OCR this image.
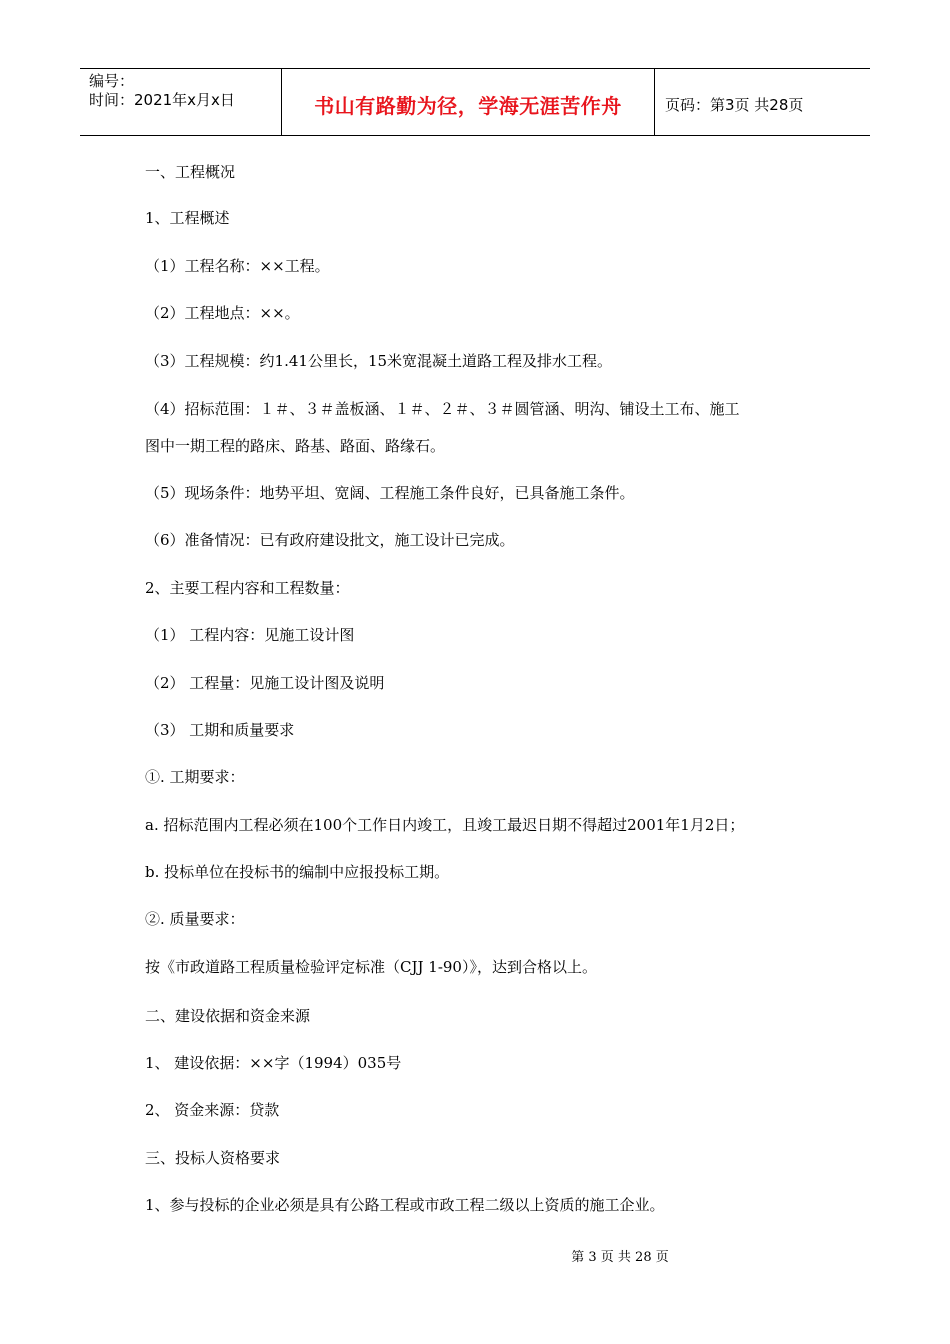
编号：
时间：2021年x月x日	书山有路勤为径，学海无涯苦作舟	页码：第3页 共28页
一、工程概况
1、工程概述
（1）工程名称：××工程。
（2）工程地点：××。
（3）工程规模：约1.41公里长，15米宽混凝土道路工程及排水工程。
（4）招标范围：１＃、３＃盖板涵、１＃、２＃、３＃圆管涵、明沟、铺设土工布、施工
图中一期工程的路床、路基、路面、路缘石。
（5）现场条件：地势平坦、宽阔、工程施工条件良好，已具备施工条件。
（6）准备情况：已有政府建设批文，施工设计已完成。
2、主要工程内容和工程数量：
（1） 工程内容：见施工设计图
（2） 工程量：见施工设计图及说明
（3） 工期和质量要求
①. 工期要求：
a. 招标范围内工程必须在100个工作日内竣工，且竣工最迟日期不得超过2001年1月2日；
b. 投标单位在投标书的编制中应报投标工期。
②. 质量要求：
按《市政道路工程质量检验评定标准（CJJ 1-90）》，达到合格以上。
二、建设依据和资金来源
1、 建设依据：××字（1994）035号
2、 资金来源：贷款
三、投标人资格要求
1、参与投标的企业必须是具有公路工程或市政工程二级以上资质的施工企业。
第 3 页 共 28 页
